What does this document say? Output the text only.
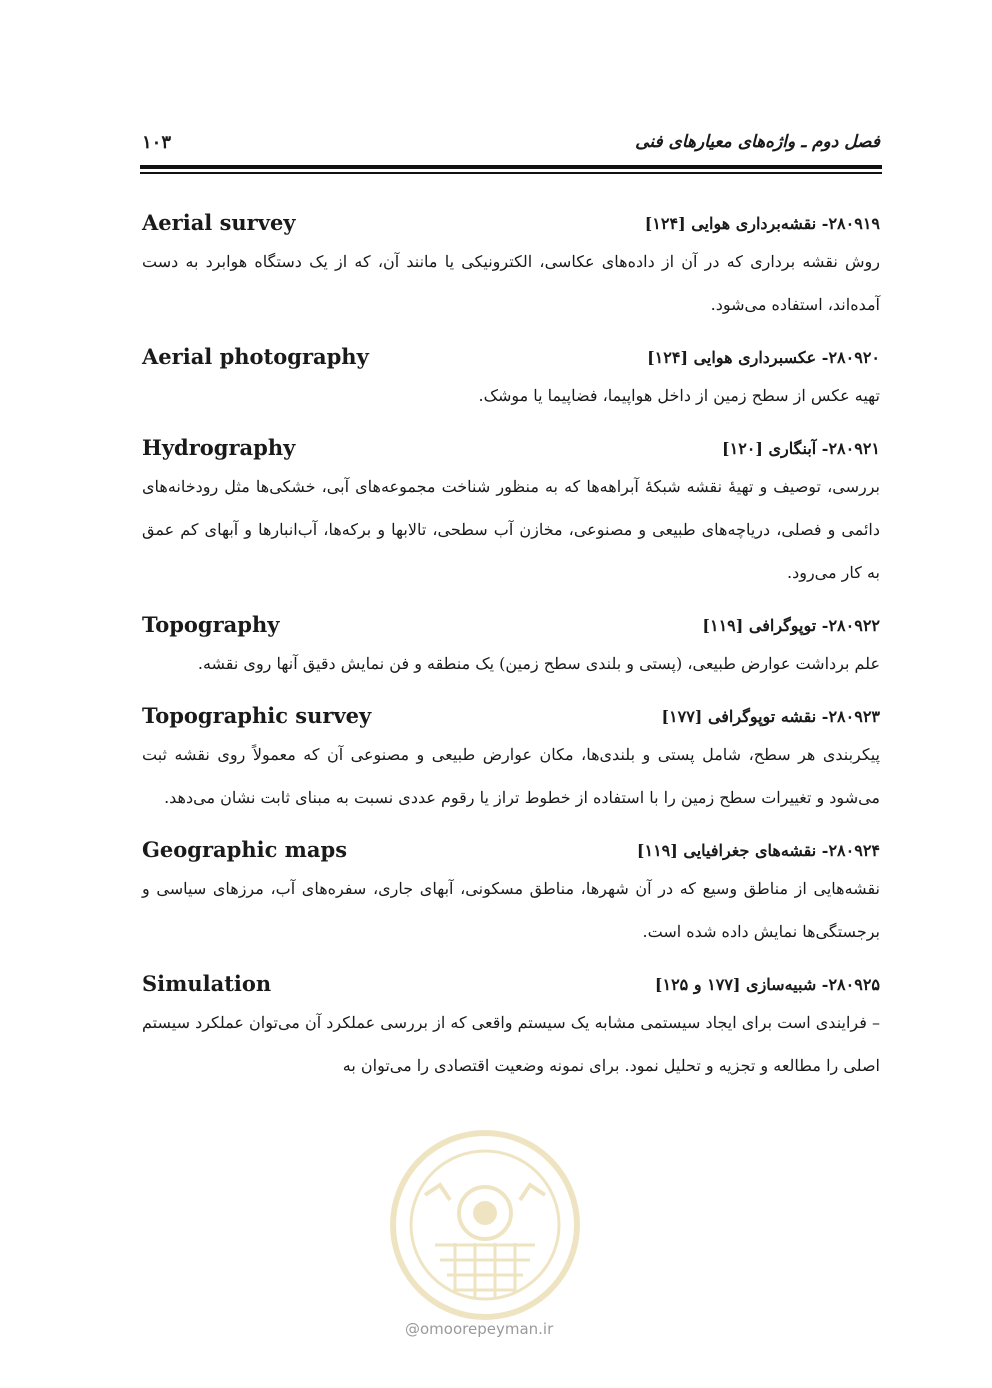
فصل دوم ـ واژه‌های معیارهای فنی
۱۰۳
۲۸۰۹۱۹- نقشه‌برداری هوایی [۱۲۴]
Aerial survey
روش نقشه برداری که در آن از داده‌های عکاسی، الکترونیکی یا مانند آن، که از یک دستگاه هوابرد به دست آمده‌اند، استفاده می‌شود.
۲۸۰۹۲۰- عکسبرداری هوایی [۱۲۴]
Aerial photography
تهیه عکس از سطح زمین از داخل هواپیما، فضاپیما یا موشک.
۲۸۰۹۲۱- آبنگاری [۱۲۰]
Hydrography
بررسی، توصیف و تهیهٔ نقشه شبکهٔ آبراهه‌ها که به منظور شناخت مجموعه‌های آبی، خشکی‌ها مثل رودخانه‌های دائمی و فصلی، دریاچه‌های طبیعی و مصنوعی، مخازن آب سطحی، تالابها و برکه‌ها، آب‌انبارها و آبهای کم عمق به کار می‌رود.
۲۸۰۹۲۲- توپوگرافی [۱۱۹]
Topography
علم برداشت عوارض طبیعی، (پستی و بلندی سطح زمین) یک منطقه و فن نمایش دقیق آنها روی نقشه.
۲۸۰۹۲۳- نقشه توپوگرافی [۱۷۷]
Topographic survey
پیکربندی هر سطح، شامل پستی و بلندی‌ها، مکان عوارض طبیعی و مصنوعی آن که معمولاً روی نقشه ثبت می‌شود و تغییرات سطح زمین را با استفاده از خطوط تراز یا رقوم عددی نسبت به مبنای ثابت نشان می‌دهد.
۲۸۰۹۲۴- نقشه‌های جغرافیایی [۱۱۹]
Geographic maps
نقشه‌هایی از مناطق وسیع که در آن شهرها، مناطق مسکونی، آبهای جاری، سفره‌های آب، مرزهای سیاسی و برجستگی‌ها نمایش داده شده است.
۲۸۰۹۲۵- شبیه‌سازی [۱۷۷ و ۱۲۵]
Simulation
– فرایندی است برای ایجاد سیستمی مشابه یک سیستم واقعی که از بررسی عملکرد آن می‌توان عملکرد سیستم اصلی را مطالعه و تجزیه و تحلیل نمود. برای نمونه وضعیت اقتصادی را می‌توان به
@omoorepeyman.ir
